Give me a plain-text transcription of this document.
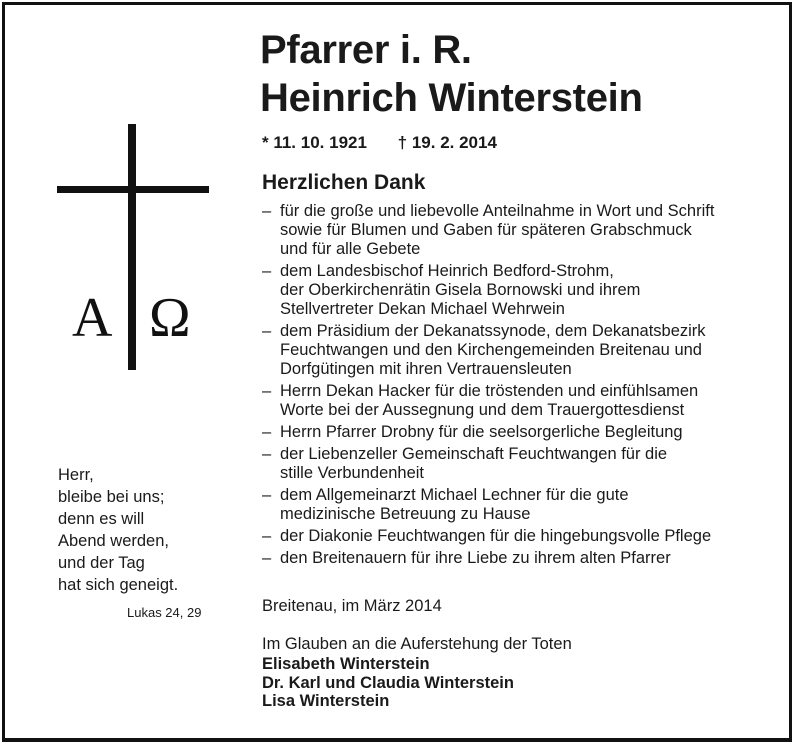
Pfarrer i. R.
Heinrich Winterstein
* 11. 10. 1921 † 19. 2. 2014
A Ω
Herr,
bleibe bei uns;
denn es will
Abend werden,
und der Tag
hat sich geneigt.
Lukas 24, 29
Herzlichen Dank
– für die große und liebevolle Anteilnahme in Wort und Schrift
sowie für Blumen und Gaben für späteren Grabschmuck
und für alle Gebete
– dem Landesbischof Heinrich Bedford-Strohm,
der Oberkirchenrätin Gisela Bornowski und ihrem
Stellvertreter Dekan Michael Wehrwein
– dem Präsidium der Dekanatssynode, dem Dekanatsbezirk
Feuchtwangen und den Kirchengemeinden Breitenau und
Dorfgütingen mit ihren Vertrauensleuten
– Herrn Dekan Hacker für die tröstenden und einfühlsamen
Worte bei der Aussegnung und dem Trauergottesdienst
– Herrn Pfarrer Drobny für die seelsorgerliche Begleitung
– der Liebenzeller Gemeinschaft Feuchtwangen für die
stille Verbundenheit
– dem Allgemeinarzt Michael Lechner für die gute
medizinische Betreuung zu Hause
– der Diakonie Feuchtwangen für die hingebungsvolle Pflege
– den Breitenauern für ihre Liebe zu ihrem alten Pfarrer
Breitenau, im März 2014
Im Glauben an die Auferstehung der Toten
Elisabeth Winterstein
Dr. Karl und Claudia Winterstein
Lisa Winterstein
